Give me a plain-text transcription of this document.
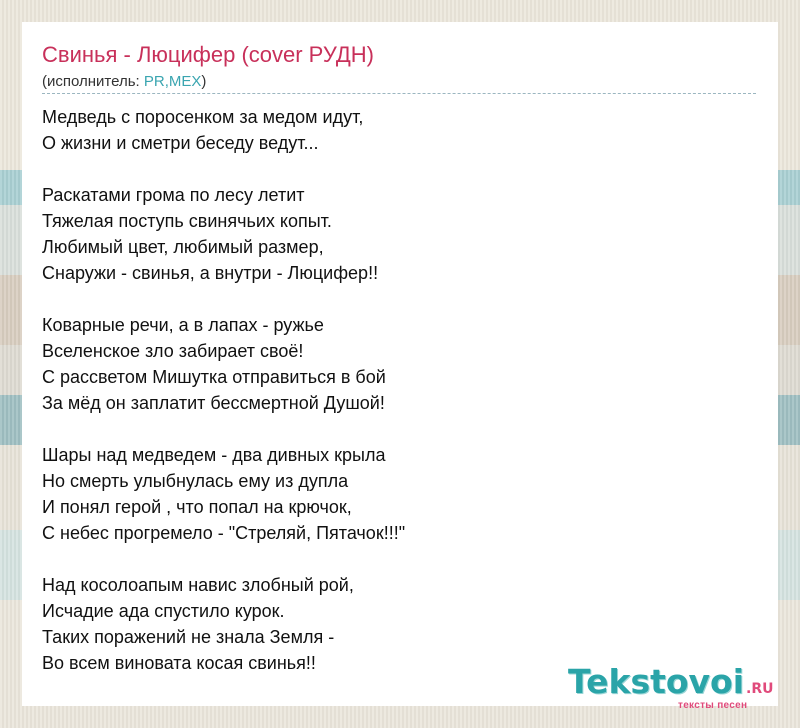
Свинья - Люцифер (cover РУДН)
(исполнитель: PR,MEX)
Медведь с поросенком за медом идут,
О жизни и сметри беседу ведут...
Раскатами грома по лесу летит
Тяжелая поступь свинячьих копыт.
Любимый цвет, любимый размер,
Снаружи - свинья, а внутри - Люцифер!!
Коварные речи, а в лапах - ружье
Вселенское зло забирает своё!
С рассветом Мишутка отправиться в бой
За мёд он заплатит бессмертной Душой!
Шары над медведем - два дивных крыла
Но смерть улыбнулась ему из дупла
И понял герой , что попал на крючок,
С небес прогремело - "Стреляй, Пятачок!!!"
Над косолоапым навис злобный рой,
Исчадие ада спустило курок.
Таких поражений не знала Земля -
Во всем виновата косая свинья!!	Tekstovoi .RU
тексты песен
